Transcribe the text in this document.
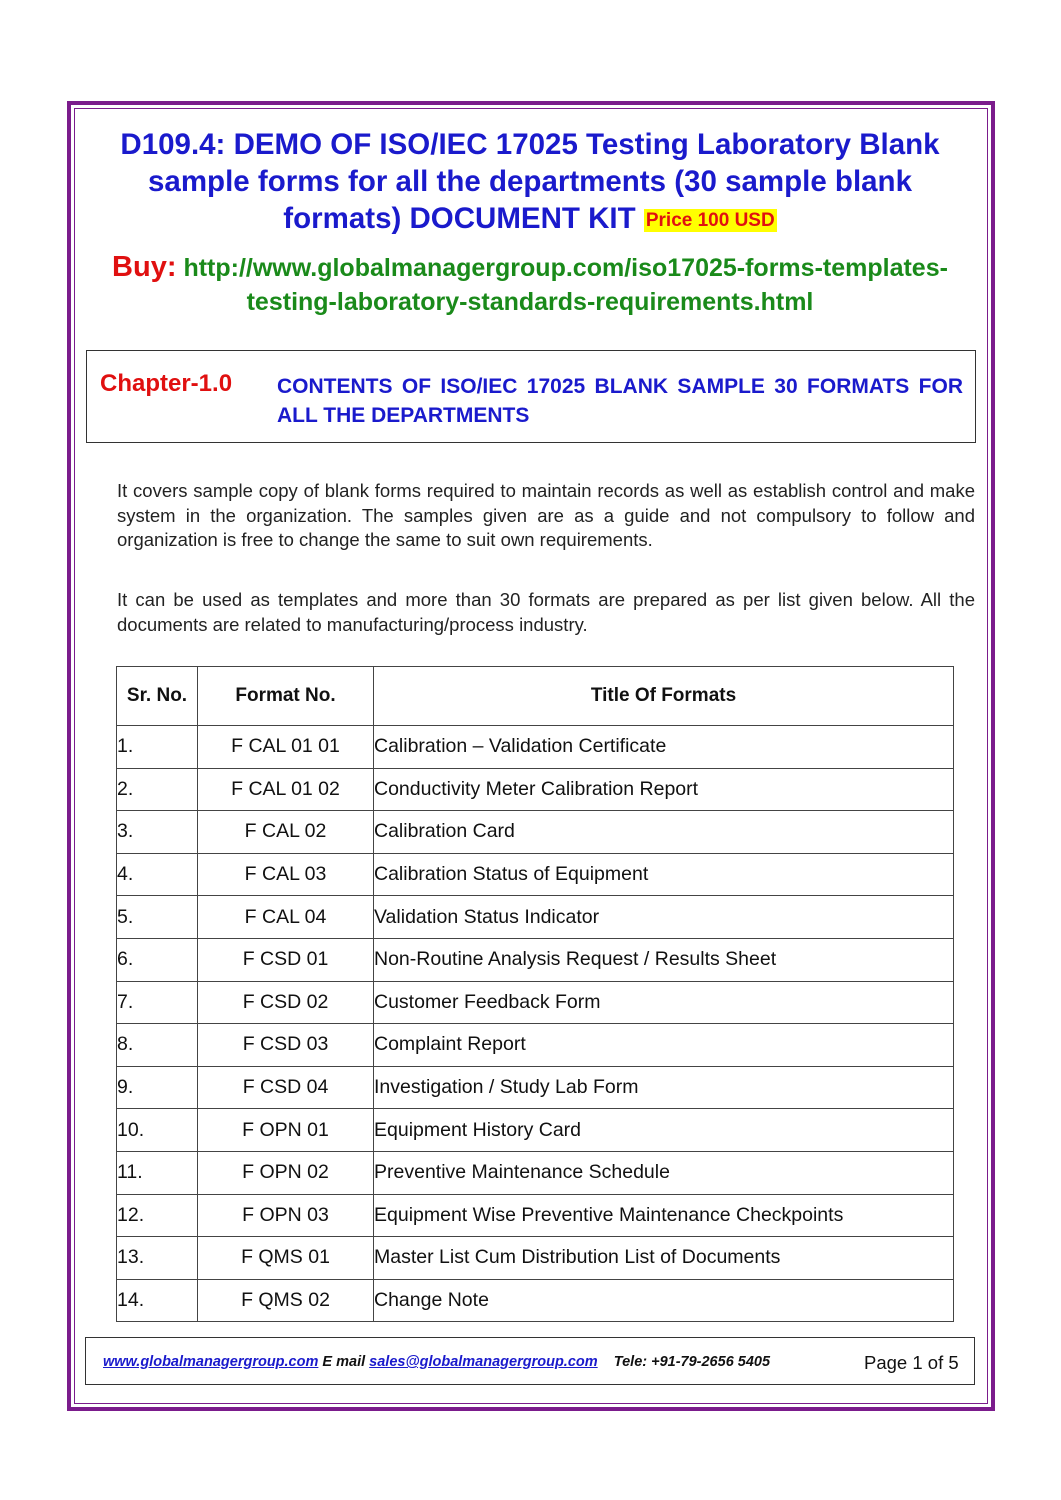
D109.4: DEMO OF ISO/IEC 17025 Testing Laboratory Blank sample forms for all the departments (30 sample blank formats) DOCUMENT KIT Price 100 USD
Buy: http://www.globalmanagergroup.com/iso17025-forms-templates-testing-laboratory-standards-requirements.html
Chapter-1.0 CONTENTS OF ISO/IEC 17025 BLANK SAMPLE 30 FORMATS FOR ALL THE DEPARTMENTS
It covers sample copy of blank forms required to maintain records as well as establish control and make system in the organization. The samples given are as a guide and not compulsory to follow and organization is free to change the same to suit own requirements.
It can be used as templates and more than 30 formats are prepared as per list given below. All the documents are related to manufacturing/process industry.
Sr. No.	Format No.	Title Of Formats
1.	F CAL 01 01	Calibration – Validation Certificate
2.	F CAL 01 02	Conductivity Meter Calibration Report
3.	F CAL 02	Calibration Card
4.	F CAL 03	Calibration Status of Equipment
5.	F CAL 04	Validation Status Indicator
6.	F CSD 01	Non-Routine Analysis Request / Results Sheet
7.	F CSD 02	Customer Feedback Form
8.	F CSD 03	Complaint Report
9.	F CSD 04	Investigation / Study Lab Form
10.	F OPN 01	Equipment History Card
11.	F OPN 02	Preventive Maintenance Schedule
12.	F OPN 03	Equipment Wise Preventive Maintenance Checkpoints
13.	F QMS 01	Master List Cum Distribution List of Documents
14.	F QMS 02	Change Note
www.globalmanagergroup.com E mail sales@globalmanagergroup.com Tele: +91-79-2656 5405	Page 1 of 5
